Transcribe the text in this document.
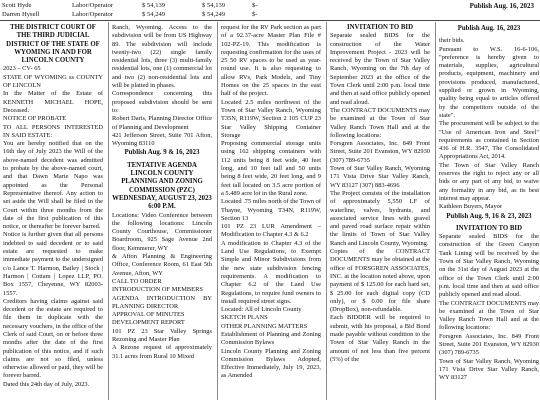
Scott Hyde	Labor/Operator	$ 54,139	$ 54,139	$-
Darren Hysell	Labor/Operator	$ 54,249	$ 54,249	$-
Publish Aug. 16, 2023

THE DISTRICT COURT OF THE THIRD JUDICIAL DISTRICT OF THE STATE OF WYOMING IN AND FOR LINCOLN COUNTY

2023 – CV- 65

STATE OF WYOMING ss COUNTY OF LINCOLN

In the Matter of the Estate of KENNETH MICHAEL HOPE, Deceased.

NOTICE OF PROBATE

TO ALL PERSONS INTERESTED IN SAID ESTATE:

You are hereby notified that on the 16th day of July 2023 the Will of the above-named decedent was admitted to probate by the above-named court, and that Dawn Marie Napo was appointed as the Personal Representative thereof. Any action to set aside the Will shall be filed in the Court within three months from the date of the first publication of this notice, or thereafter be forever barred.

Notice is further given that all persons indebted to said decedent or to said estate are requested to make immediate payment to the undersigned c/o Lance T. Harmon, Bailey | Stock | Harmon | Cottam | Lopez LLP, PO. Box 1557, Cheyenne, WY 82003-1557.

Creditors having claims against said decedent or the estate are required to file them in duplicate with the necessary vouchers, in the office of the Clerk of said Court, on or before three months after the date of the first publication of this notice, and if such claims are not so filed, unless otherwise allowed or paid, they will be forever barred.

Dated this 24th day of July, 2023.

Ranch, Wyoming. Access to the subdivision will be from US Highway 89. The subdivision will include twenty-two (22) single family residential lots, three (3) multi-family residential lots, one (1) commercial lot and two (2) non-residential lots and will be platted in phases.

Correspondence concerning this proposed subdivision should be sent to:

Robert Daris, Planning Director Office of Planning and Development

421 Jefferson Street, Suite 701 Afton, Wyoming 83110

Publish Aug. 9 & 16, 2023

TENTATIVE AGENDA LINCOLN COUNTY PLANNING AND ZONING COMMISSION (PZC) WEDNESDAY, AUGUST 23, 2023 6:00 P.M.

Locations: Video Conference between the following locations: Lincoln County Courthouse, Commissioner Boardroom, 925 Sage Avenue 2nd floor, Kemmerer, WY

& Afton Planning & Engineering Office, Conference Room, 61 East 5th Avenue, Afton, WY

CALL TO ORDER

INTRODUCTION OF MEMBERS

AGENDA INTRODUCTION BY PLANNING DIRECTOR

APPROVAL OF MINUTES

DEVELOPMENT REPORT

101 PZ 23 Star Valley Springs Rezoning and Master Plan

A Rezone request of approximately 31.1 acres from Rural 10 Mixed

request for the RV Park section as part of a 92.37-acre Master Plan File # 102-PZ-19. This modification is requesting confirmation for the uses of 25 50 RV spaces to be used as year-round use. It is also requesting to allow RVs, Park Models, and Tiny Homes on the 25 spaces in the east half of the project.

Located 2.5 miles northwest of the Town of Star Valley Ranch, Wyoming T35N, R119W, Section 2 105 CUP 23 Star Valley Shipping Container Storage

Proposing commercial storage units using 162 shipping containers with 112 units being 8 feet wide, 40 feet long, and 10 feet tall and 50 units being 8 feet wide, 20 feet long, and 9 feet tall located on 3.5 acre portion of a 5.489 acre lot in the Rural zone.

Located .75 miles north of the Town of Thayne, Wyoming T34N, R119W, Section 13

101 PZ 23 LUR Amendment – Modification to Chapter 4.3 & 6.2

A modification to Chapter 4.3 of the Land Use Regulations, to Exempt Simple and Minor Subdivisions from the new state subdivision fencing requirements. A modification to Chapter 6.2 of the Land Use Regulations, to require fund owners to install required street signs.

Located: All of Lincoln County

SKETCH PLANS

OTHER PLANNING MATTERS

Establishment of Planning and Zoning Commission Bylaws

Lincoln County Planning and Zoning Commission Bylaws Adopted, Effective Immediately, July 19, 2023, as Amended

INVITATION TO BID

Separate sealed BIDS for the construction of the Water Improvement Project - 2023 will be received by the Town of Star Valley Ranch, Wyoming on the 7th day of September 2023 at the office of the Town Clerk until 2:00 p.m. local time and then at said office publicly opened and read aloud.

The CONTRACT DOCUMENTS may be examined at the Town of Star Valley Ranch Town Hall and at the following locations:

Forsgren Associates, Inc. 849 Front Street, Suite 201 Evanston, WY 82930 (307) 789-6735

Town of Star Valley Ranch, Wyoming 171 Vista Drive Star Valley Ranch, WY 83127 (307) 883-4696

The Project consists of the installation of approximately 5,550 LF of waterline, valves, hydrants, and associated service lines with gravel and paved road surface repair within the limits of Town of Star Valley Ranch and Lincoln County, Wyoming.

Copies of the CONTRACT DOCUMENTS may be obtained at the office of FORSGREN ASSOCIATES, INC. at the location noted above, upon payment of $ 125.00 for each hard set, $ 25.00 for each digital copy (CD only), or $ 0.00 for file share (DropBox), non-refundable.

Each BIDDER will be required to submit, with his proposal, a Bid Bond made payable without condition to the Town of Star Valley Ranch in the amount of not less than five percent (5%) of the

Publish Aug. 16, 2023

their bids.

Pursuant to W.S. 16-6-106, "preference is hereby given to materials, supplies, agricultural products, equipment, machinery and provisions produced, manufactured, supplied or grown in Wyoming, quality being equal to articles offered by the competitors outside of the state".

The procurement will be subject to the "Use of American Iron and Steel" requirements as contained in Section 436 of H.R. 3547, The Consolidated Appropriations Act, 2014.

The Town of Star Valley Ranch reserves the right to reject any or all bids or any part of any bid, to waive any formality in any bid, as its best interest may appear.

Kathleen Buyers, Mayor

Publish Aug. 9, 16 & 23, 2023

INVITATION TO BID

Separate sealed BIDS for the construction of the Green Canyon Tank Lining will be received by the Town of Star Valley Ranch, Wyoming on the 31st day of August 2023 at the office of the Town Clerk until 2:00 p.m. local time and then at said office publicly opened and read aloud.

The CONTRACT DOCUMENTS may be examined at the Town of Star Valley Ranch Town Hall and at the following locations:

Forsgren Associates, Inc. 849 Front Street, Suite 201 Evanston, WY 82930 (307) 789-6735

Town of Star Valley Ranch, Wyoming 171 Vista Drive Star Valley Ranch, WY 83127
